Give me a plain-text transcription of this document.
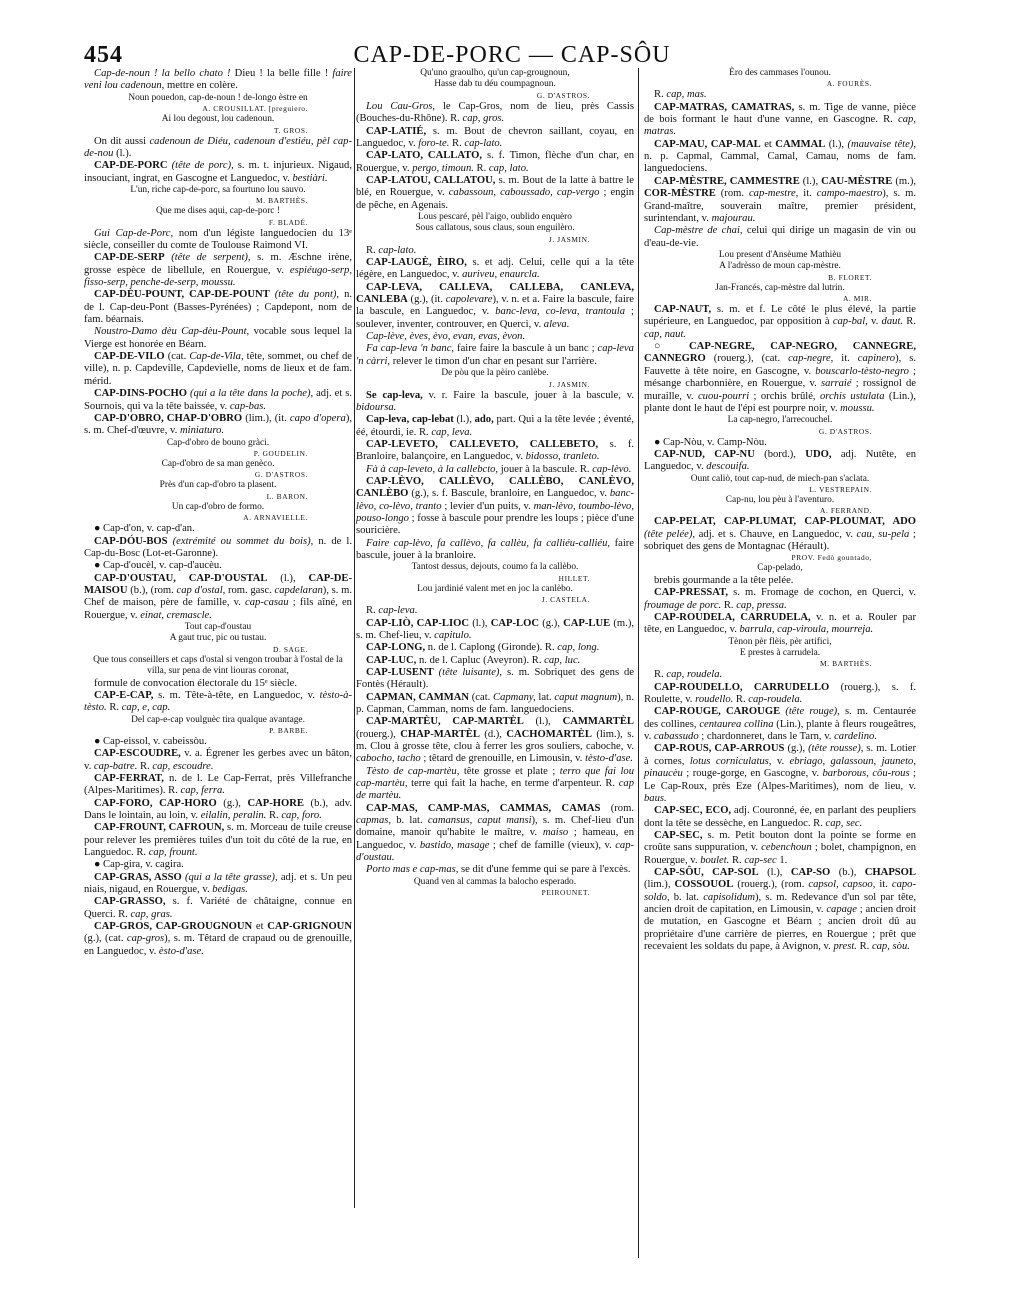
454	CAP-DE-PORC — CAP-SÔU

Cap-de-noun ! la bello chato ! Dieu ! la belle fille ! faire veni lou cadenoun, mettre en colère.

Noun pouedon, cap-de-noun ! de-longo èstre en

A. CROUSILLAT. [preguiero.

Ai lou degoust, lou cadenoun.

T. GROS.

On dit aussi cadenoun de Diéu, cadenoun d'estiéu, pèl cap-de-nou (l.).

CAP-DE-PORC (tête de porc), s. m. t. injurieux. Nigaud, insouciant, ingrat, en Gascogne et Languedoc, v. bestiàri.

L'un, riche cap-de-porc, sa fourtuno lou sauvo.

M. BARTHÈS.

Que me dises aqui, cap-de-porc !

F. BLADÉ.

Gui Cap-de-Porc, nom d'un légiste languedocien du 13ᵉ siècle, conseiller du comte de Toulouse Raimond VI.

CAP-DE-SERP (tête de serpent), s. m. Æschne irène, grosse espèce de libellule, en Rouergue, v. espiéugo-serp, fisso-serp, penche-de-serp, moussu.

CAP-DÈU-POUNT, CAP-DE-POUNT (tête du pont), n. de l. Cap-deu-Pont (Basses-Pyrénées) ; Capdepont, nom de fam. béarnais.

Noustro-Damo dèu Cap-dèu-Pount, vocable sous lequel la Vierge est honorée en Béarn.

CAP-DE-VILO (cat. Cap-de-Vila, tête, sommet, ou chef de ville), n. p. Capdeville, Capdevielle, noms de lieux et de fam. mérid.

CAP-DINS-POCHO (qui a la tête dans la poche), adj. et s. Sournois, qui va la tête baissée, v. cap-bas.

CAP-D'OBRO, CHAP-D'OBRO (lim.), (it. capo d'opera), s. m. Chef-d'œuvre, v. miniaturo.

Cap-d'obro de bouno gràci.

P. GOUDELIN.

Cap-d'obro de sa man genèco.

G. D'ASTROS.

Près d'un cap-d'obro ta plasent.

L. BARON.

Un cap-d'obro de formo.

A. ARNAVIELLE.

● Cap-d'on, v. cap-d'an.

CAP-DÓU-BOS (extrémité ou sommet du bois), n. de l. Cap-du-Bosc (Lot-et-Garonne).

● Cap-d'oucèl, v. cap-d'aucèu.

CAP-D'OUSTAU, CAP-D'OUSTAL (l.), CAP-DE-MAISOU (b.), (rom. cap d'ostal, rom. gasc. capdelaran), s. m. Chef de maison, père de famille, v. cap-casau ; fils aîné, en Rouergue, v. einat, cremascle.

Tout cap-d'oustau

A gaut truc, pic ou tustau.

D. SAGE.

Que tous conseillers et caps d'ostal si vengon troubar à l'ostal de la villa, sur pena de vint liouras coronat,

formule de convocation électorale du 15ᵉ siècle.

CAP-E-CAP, s. m. Tête-à-tête, en Languedoc, v. tèsto-à-tèsto. R. cap, e, cap.

Del cap-e-cap voulguèc tira qualque avantage.

P. BARBE.

● Cap-eissol, v. cabeissòu.

CAP-ESCOUDRE, v. a. Égrener les gerbes avec un bâton, v. cap-batre. R. cap, escoudre.

CAP-FERRAT, n. de l. Le Cap-Ferrat, près Villefranche (Alpes-Maritimes). R. cap, ferra.

CAP-FORO, CAP-HORO (g.), CAP-HORE (b.), adv. Dans le lointain, au loin, v. eilalin, peralin. R. cap, foro.

CAP-FROUNT, CAFROUN, s. m. Morceau de tuile creuse pour relever les premières tuiles d'un toit du côté de la rue, en Languedoc. R. cap, frount.

● Cap-gira, v. cagira.

CAP-GRAS, ASSO (qui a la tête grasse), adj. et s. Un peu niais, nigaud, en Rouergue, v. bedigas.

CAP-GRASSO, s. f. Variété de châtaigne, connue en Querci. R. cap, gras.

CAP-GROS, CAP-GROUGNOUN et CAP-GRIGNOUN (g.), (cat. cap-gros), s. m. Têtard de crapaud ou de grenouille, en Languedoc, v. èsto-d'ase.

Qu'uno graoulho, qu'un cap-grougnoun,

Hasse dab tu déu coumpagnoun.

G. D'ASTROS.

Lou Cau-Gros, le Cap-Gros, nom de lieu, près Cassis (Bouches-du-Rhône). R. cap, gros.

CAP-LATIÉ, s. m. Bout de chevron saillant, coyau, en Languedoc, v. foro-te. R. cap-lato.

CAP-LATO, CALLATO, s. f. Timon, flèche d'un char, en Rouergue, v. pergo, timoun. R. cap, lato.

CAP-LATOU, CALLATOU, s. m. Bout de la latte à battre le blé, en Rouergue, v. cabassoun, caboussado, cap-vergo ; engin de pêche, en Agenais.

Lous pescaré, pèl l'aigo, oublido enquèro

Sous callatous, sous claus, soun enguilèro.

J. JASMIN.

R. cap-lato.

CAP-LAUGÈ, ÈIRO, s. et adj. Celui, celle qui a la tête légère, en Languedoc, v. auriveu, enaurcla.

CAP-LEVA, CALLEVA, CALLEBA, CANLEVA, CANLEBA (g.), (it. capolevare), v. n. et a. Faire la bascule, faire la bascule, en Languedoc, v. banc-leva, co-leva, trantoula ; soulever, inventer, controuver, en Querci, v. aleva.

Cap-lève, èves, èvo, evan, evas, èvon.

Fa cap-leva 'n banc, faire faire la bascule à un banc ; cap-leva 'n càrri, relever le timon d'un char en pesant sur l'arrière.

De pòu que la pèiro canlèbe.

J. JASMIN.

Se cap-leva, v. r. Faire la bascule, jouer à la bascule, v. bidoursa.

Cap-leva, cap-lebat (l.), ado, part. Qui a la tête levée ; éventé, éé, étourdi, ie. R. cap, leva.

CAP-LEVETO, CALLEVETO, CALLEBETO, s. f. Branloire, balançoire, en Languedoc, v. bidosso, tranleto.

Fà à cap-leveto, à la callebcto, jouer à la bascule. R. cap-lèvo.

CAP-LÈVO, CALLÈVO, CALLÈBO, CANLÈVO, CANLÈBO (g.), s. f. Bascule, branloire, en Languedoc, v. banc-lèvo, co-lèvo, tranto ; levier d'un puits, v. man-lèvo, toumbo-lèvo, pouso-longo ; fosse à bascule pour prendre les loups ; pièce d'une souricière.

Faire cap-lèvo, fa callèvo, fa callèu, fa calliéu-calliéu, faire bascule, jouer à la branloire.

Tantost dessus, dejouts, coumo fa la callèbo.

HILLET.

Lou jardinié valent met en joc la canlèbo.

J. CASTELA.

R. cap-leva.

CAP-LIÒ, CAP-LIOC (l.), CAP-LOC (g.), CAP-LUE (m.), s. m. Chef-lieu, v. capitulo.

CAP-LONG, n. de l. Caplong (Gironde). R. cap, long.

CAP-LUC, n. de l. Capluc (Aveyron). R. cap, luc.

CAP-LUSENT (tête luisante), s. m. Sobriquet des gens de Fontès (Hérault).

CAPMAN, CAMMAN (cat. Capmany, lat. caput magnum), n. p. Capman, Camman, noms de fam. languedociens.

CAP-MARTÈU, CAP-MARTÈL (l.), CAMMARTÈL (rouerg.), CHAP-MARTÈL (d.), CACHOMARTÈL (lim.), s. m. Clou à grosse tête, clou à ferrer les gros souliers, caboche, v. cabocho, tacho ; têtard de grenouille, en Limousin, v. tèsto-d'ase.

Tèsto de cap-martèu, tête grosse et plate ; terro que fai lou cap-martèu, terre qui fait la hache, en terme d'arpenteur. R. cap de martèu.

CAP-MAS, CAMP-MAS, CAMMAS, CAMAS (rom. capmas, b. lat. camansus, caput mansi), s. m. Chef-lieu d'un domaine, manoir qu'habite le maître, v. maiso ; hameau, en Languedoc, v. bastido, masage ; chef de famille (vieux), v. cap-d'oustau.

Porto mas e cap-mas, se dit d'une femme qui se pare à l'excès.

Quand ven al cammas la balocho esperado.

PEIROUNET.

Èro des cammases l'ounou.

A. FOURÈS.

R. cap, mas.

CAP-MATRAS, CAMATRAS, s. m. Tige de vanne, pièce de bois formant le haut d'une vanne, en Gascogne. R. cap, matras.

CAP-MAU, CAP-MAL et CAMMAL (l.), (mauvaise tête), n. p. Capmal, Cammal, Camal, Camau, noms de fam. languedociens.

CAP-MÈSTRE, CAMMESTRE (l.), CAU-MÈSTRE (m.), COR-MÈSTRE (rom. cap-mestre, it. campo-maestro), s. m. Grand-maître, souverain maître, premier président, surintendant, v. majourau.

Cap-mèstre de chai, celui qui dirige un magasin de vin ou d'eau-de-vie.

Lou present d'Ansèume Mathièu

A l'adrèsso de moun cap-mèstre.

B. FLORET.

Jan-Francés, cap-mèstre dal lutrin.

A. MIR.

CAP-NAUT, s. m. et f. Le côté le plus élevé, la partie supérieure, en Languedoc, par opposition à cap-bal, v. daut. R. cap, naut.

○ CAP-NEGRE, CAP-NEGRO, CANNEGRE, CANNEGRO (rouerg.), (cat. cap-negre, it. capinero), s. Fauvette à tête noire, en Gascogne, v. bouscarlo-tèsto-negro ; mésange charbonnière, en Rouergue, v. sarraié ; rossignol de muraille, v. cuou-pourri ; orchis brûlé, orchis ustulata (Lin.), plante dont le haut de l'épi est pourpre noir, v. moussu.

La cap-negro, l'arrecouchel.

G. D'ASTROS.

● Cap-Nòu, v. Camp-Nòu.

CAP-NUD, CAP-NU (bord.), UDO, adj. Nutête, en Languedoc, v. descouifa.

Ount caliò, tout cap-nud, de miech-pan s'aclata.

L. VESTREPAIN.

Cap-nu, lou pèu à l'aventuro.

A. FERRAND.

CAP-PELAT, CAP-PLUMAT, CAP-PLOUMAT, ADO (tête pelée), adj. et s. Chauve, en Languedoc, v. cau, su-pela ; sobriquet des gens de Montagnac (Hérault).

PROV. Fedò gountado,

Cap-pelado,

brebis gourmande a la tête pelée.

CAP-PRESSAT, s. m. Fromage de cochon, en Querci, v. froumage de porc. R. cap, pressa.

CAP-ROUDELA, CARRUDELA, v. n. et a. Rouler par tête, en Languedoc, v. barrula, cap-viroula, mourreja.

Tènon pèr flèis, pèr artifici,

E prestes à carrudela.

M. BARTHÈS.

R. cap, roudela.

CAP-ROUDELLO, CARRUDELLO (rouerg.), s. f. Roulette, v. roudello. R. cap-roudela.

CAP-ROUGE, CAROUGE (tête rouge), s. m. Centaurée des collines, centaurea collina (Lin.), plante à fleurs rougeâtres, v. cabassudo ; chardonneret, dans le Tarn, v. cardelino.

CAP-ROUS, CAP-ARROUS (g.), (tête rousse), s. m. Lotier à cornes, lotus corniculatus, v. ebriago, galassoun, jauneto, pinaucèu ; rouge-gorge, en Gascogne, v. barborous, côu-rous ; Le Cap-Roux, près Eze (Alpes-Maritimes), nom de lieu, v. baus.

CAP-SEC, ECO, adj. Couronné, ée, en parlant des peupliers dont la tête se dessèche, en Languedoc. R. cap, sec.

CAP-SEC, s. m. Petit bouton dont la pointe se forme en croûte sans suppuration, v. cebenchoun ; bolet, champignon, en Rouergue, v. boulet. R. cap-sec 1.

CAP-SÔU, CAP-SOL (l.), CAP-SO (b.), CHAPSOL (lim.), COSSOUOL (rouerg.), (rom. capsol, capsoo, it. capo-soldo, b. lat. capisolidum), s. m. Redevance d'un sol par tête, ancien droit de capitation, en Limousin, v. capage ; ancien droit de mutation, en Gascogne et Béarn ; ancien droit dû au propriétaire d'une carrière de pierres, en Rouergue ; prêt que recevaient les soldats du pape, à Avignon, v. prest. R. cap, sòu.
